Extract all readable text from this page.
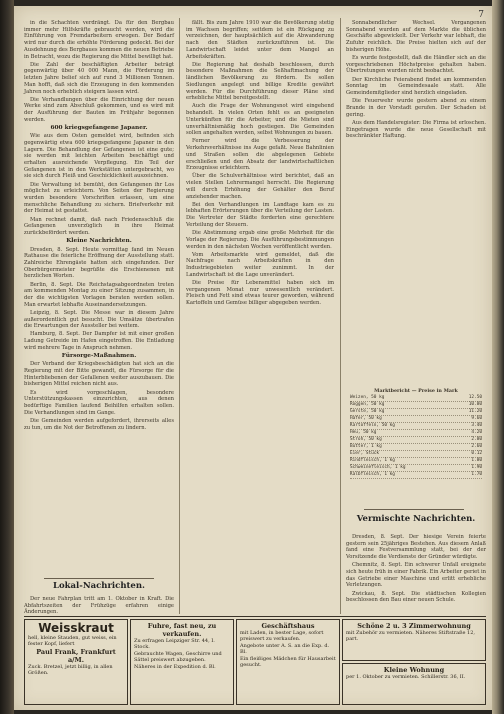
7

in die Schachten verdrängt. Da für den Bergbau immer mehr Hilfskräfte gebraucht werden, wird die Einführung von Fremdarbeitern erwogen. Der Bedarf wird nur durch die erhöhte Förderung gedeckt. Bei der Ausdehnung des Bergbaues kommen die neuen Betriebe in Betracht, wozu die Regierung die Mittel bewilligt hat.

Die Zahl der beschäftigten Arbeiter beträgt gegenwärtig über 40 000 Mann, die Förderung im letzten Jahre belief sich auf rund 3 Millionen Tonnen. Man hofft, daß sich die Erzeugung in den kommenden Jahren noch erheblich steigern lassen wird.

Die Verhandlungen über die Einrichtung der neuen Werke sind zum Abschluß gekommen, und es wird mit der Ausführung der Bauten im Frühjahr begonnen werden.

600 kriegsgefangene Japaner.

Wie aus dem Osten gemeldet wird, befinden sich gegenwärtig etwa 600 kriegsgefangene Japaner in den Lagern. Die Behandlung der Gefangenen ist eine gute; sie werden mit leichten Arbeiten beschäftigt und erhalten ausreichende Verpflegung. Ein Teil der Gefangenen ist in den Werkstätten untergebracht, wo sie sich durch Fleiß und Geschicklichkeit auszeichnen.

Die Verwaltung ist bemüht, den Gefangenen ihr Los möglichst zu erleichtern. Von Seiten der Regierung wurden besondere Vorschriften erlassen, um eine menschliche Behandlung zu sichern. Briefverkehr mit der Heimat ist gestattet.

Man rechnet damit, daß nach Friedensschluß die Gefangenen unverzüglich in ihre Heimat zurückbefördert werden.

Kleine Nachrichten.

Dresden, 8. Sept. Heute vormittag fand im Neuen Rathause die feierliche Eröffnung der Ausstellung statt. Zahlreiche Ehrengäste hatten sich eingefunden. Der Oberbürgermeister begrüßte die Erschienenen mit herzlichen Worten.

Berlin, 8. Sept. Die Reichstagsabgeordneten treten am kommenden Montag zu einer Sitzung zusammen, in der die wichtigsten Vorlagen beraten werden sollen. Man erwartet lebhafte Auseinandersetzungen.

Leipzig, 8. Sept. Die Messe war in diesem Jahre außerordentlich gut besucht. Die Umsätze übertrafen die Erwartungen der Aussteller bei weitem.

Hamburg, 8. Sept. Der Dampfer ist mit einer großen Ladung Getreide im Hafen eingetroffen. Die Entladung wird mehrere Tage in Anspruch nehmen.

Fürsorge-Maßnahmen.

Der Verband der Kriegsbeschädigten hat sich an die Regierung mit der Bitte gewandt, die Fürsorge für die Hinterbliebenen der Gefallenen weiter auszubauen. Die bisherigen Mittel reichen nicht aus.

Es wird vorgeschlagen, besondere Unterstützungskassen einzurichten, aus denen bedürftige Familien laufend Beihilfen erhalten sollen. Die Verhandlungen sind im Gange.

Die Gemeinden werden aufgefordert, ihrerseits alles zu tun, um die Not der Betroffenen zu lindern.

Lokal-Nachrichten.

Der neue Fahrplan tritt am 1. Oktober in Kraft. Die Abfahrtszeiten der Frühzüge erfahren einige Änderungen.

fällt. Bis zum Jahre 1910 war die Bevölkerung stetig im Wachsen begriffen; seitdem ist ein Rückgang zu verzeichnen, der hauptsächlich auf die Abwanderung nach den Städten zurückzuführen ist. Die Landwirtschaft leidet unter dem Mangel an Arbeitskräften.

Die Regierung hat deshalb beschlossen, durch besondere Maßnahmen die Seßhaftmachung der ländlichen Bevölkerung zu fördern. Es sollen Siedlungen angelegt und billige Kredite gewährt werden. Für die Durchführung dieser Pläne sind erhebliche Mittel bereitgestellt.

Auch die Frage der Wohnungsnot wird eingehend behandelt. In vielen Orten fehlt es an geeigneten Unterkünften für die Arbeiter, und die Mieten sind unverhältnismäßig hoch gestiegen. Die Gemeinden sollen angehalten werden, selbst Wohnungen zu bauen.

Ferner wird die Verbesserung der Verkehrsverhältnisse ins Auge gefaßt. Neue Bahnlinien und Straßen sollen die abgelegenen Gebiete erschließen und den Absatz der landwirtschaftlichen Erzeugnisse erleichtern.

Über die Schulverhältnisse wird berichtet, daß an vielen Stellen Lehrermangel herrscht. Die Regierung will durch Erhöhung der Gehälter den Beruf anziehender machen.

Bei den Verhandlungen im Landtage kam es zu lebhaften Erörterungen über die Verteilung der Lasten. Die Vertreter der Städte forderten eine gerechtere Verteilung der Steuern.

Die Abstimmung ergab eine große Mehrheit für die Vorlage der Regierung. Die Ausführungsbestimmungen werden in den nächsten Wochen veröffentlicht werden.

Vom Arbeitsmarkte wird gemeldet, daß die Nachfrage nach Arbeitskräften in den Industriegebieten weiter zunimmt. In der Landwirtschaft ist die Lage unverändert.

Die Preise für Lebensmittel haben sich im vergangenen Monat nur unwesentlich verändert. Fleisch und Fett sind etwas teurer geworden, während Kartoffeln und Gemüse billiger abgegeben werden.

Sonnabendlicher Wechsel. Vergangenen Sonnabend wurden auf dem Markte die üblichen Geschäfte abgewickelt. Der Verkehr war lebhaft, die Zufuhr reichlich. Die Preise hielten sich auf der bisherigen Höhe.

Es wurde festgestellt, daß die Händler sich an die vorgeschriebenen Höchstpreise gehalten haben. Übertretungen wurden nicht beobachtet.

Der Kirchliche Feierabend findet am kommenden Sonntag im Gemeindesaale statt. Alle Gemeindemitglieder sind herzlich eingeladen.

Die Feuerwehr wurde gestern abend zu einem Brande in der Vorstadt gerufen. Der Schaden ist gering.

Aus dem Handelsregister: Die Firma ist erloschen. Eingetragen wurde die neue Gesellschaft mit beschränkter Haftung.

Marktbericht — Preise in Mark
Weizen, 50 kg	12.50
Roggen, 50 kg	10.80
Gerste, 50 kg	11.20
Hafer, 50 kg	9.60
Kartoffeln, 50 kg	3.40
Heu, 50 kg	4.20
Stroh, 50 kg	2.80
Butter, 1 kg	2.60
Eier, Stück	0.12
Rindfleisch, 1 kg	1.80
Schweinefleisch, 1 kg	1.90
Kalbfleisch, 1 kg	1.70
Vermischte Nachrichten.

Dresden, 8. Sept. Der hiesige Verein feierte gestern sein 25jähriges Bestehen. Aus diesem Anlaß fand eine Festversammlung statt, bei der der Vorsitzende die Verdienste der Gründer würdigte.

Chemnitz, 8. Sept. Ein schwerer Unfall ereignete sich heute früh in einer Fabrik. Ein Arbeiter geriet in das Getriebe einer Maschine und erlitt erhebliche Verletzungen.

Zwickau, 8. Sept. Die städtischen Kollegien beschlossen den Bau einer neuen Schule.

Weisskraut
hell, kleine Stauden, gut weiss, ein fester Kopf, liefert
Paul Frank, Frankfurt a/M.
Zuck. Bretzel, jetzt billig, in allen Größen.
Fuhre, fast neu, zu verkaufen.
Zu erfragen Leipziger Str. 44, I. Stock.
Gebrauchte Wagen, Geschirre und Sättel preiswert abzugeben.
Näheres in der Expedition d. Bl.
Geschäftshaus
mit Laden, in bester Lage, sofort preiswert zu verkaufen.
Angebote unter A. S. an die Exp. d. Bl.
Ein fleißiges Mädchen für Hausarbeit gesucht.
Schöne 2 u. 3 Zimmerwohnung
mit Zubehör zu vermieten. Näheres Stiftstraße 12, part.
Kleine Wohnung
per 1. Oktober zu vermieten. Schillerstr. 36, II.
